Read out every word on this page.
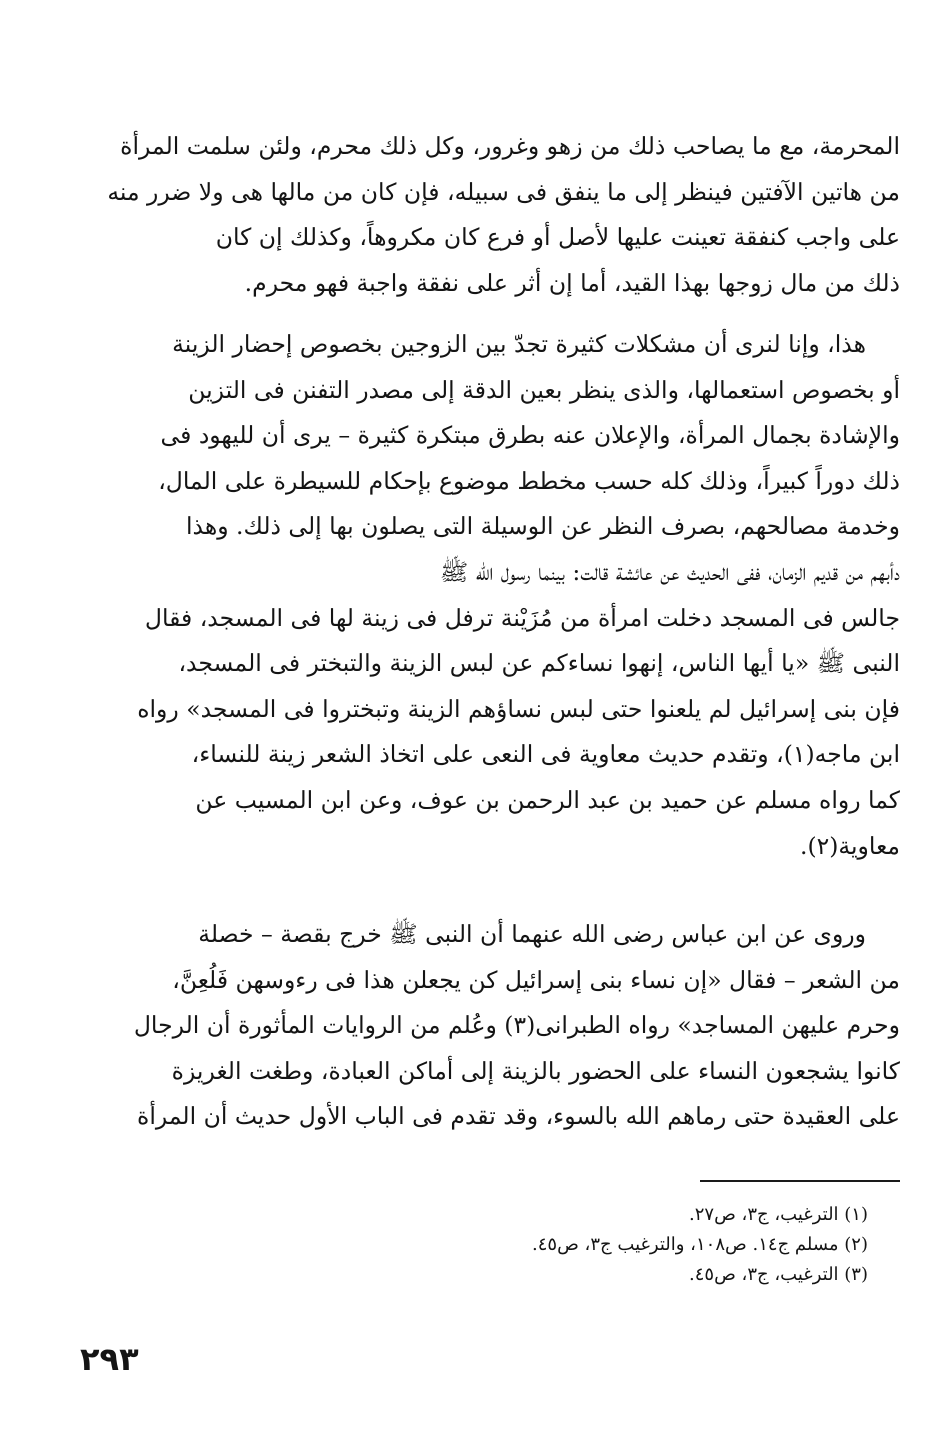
المحرمة، مع ما يصاحب ذلك من زهو وغرور، وكل ذلك محرم، ولئن سلمت المرأة
من هاتين الآفتين فينظر إلى ما ينفق فى سبيله، فإن كان من مالها هى ولا ضرر منه
على واجب كنفقة تعينت عليها لأصل أو فرع كان مكروهاً، وكذلك إن كان
ذلك من مال زوجها بهذا القيد، أما إن أثر على نفقة واجبة فهو محرم.
هذا، وإنا لنرى أن مشكلات كثيرة تجدّ بين الزوجين بخصوص إحضار الزينة
أو بخصوص استعمالها، والذى ينظر بعين الدقة إلى مصدر التفنن فى التزين
والإشادة بجمال المرأة، والإعلان عنه بطرق مبتكرة كثيرة – يرى أن لليهود فى
ذلك دوراً كبيراً، وذلك كله حسب مخطط موضوع بإحكام للسيطرة على المال،
وخدمة مصالحهم، بصرف النظر عن الوسيلة التى يصلون بها إلى ذلك. وهذا
دأبهم من قديم الزمان، ففى الحديث عن عائشة قالت: بينما رسول الله ﷺ
جالس فى المسجد دخلت امرأة من مُزَيْنة ترفل فى زينة لها فى المسجد، فقال
النبى ﷺ «يا أيها الناس، إنهوا نساءكم عن لبس الزينة والتبختر فى المسجد،
فإن بنى إسرائيل لم يلعنوا حتى لبس نساؤهم الزينة وتبختروا فى المسجد» رواه
ابن ماجه(١)، وتقدم حديث معاوية فى النعى على اتخاذ الشعر زينة للنساء،
كما رواه مسلم عن حميد بن عبد الرحمن بن عوف، وعن ابن المسيب عن
معاوية(٢).
وروى عن ابن عباس رضى الله عنهما أن النبى ﷺ خرج بقصة – خصلة
من الشعر – فقال «إن نساء بنى إسرائيل كن يجعلن هذا فى رءوسهن فَلُعِنَّ،
وحرم عليهن المساجد» رواه الطبرانى(٣) وعُلم من الروايات المأثورة أن الرجال
كانوا يشجعون النساء على الحضور بالزينة إلى أماكن العبادة، وطغت الغريزة
على العقيدة حتى رماهم الله بالسوء، وقد تقدم فى الباب الأول حديث أن المرأة
(١) الترغيب، ج٣، ص٢٧.
(٢) مسلم ج١٤. ص١٠٨، والترغيب ج٣، ص٤٥.
(٣) الترغيب، ج٣، ص٤٥.
٢٩٣
